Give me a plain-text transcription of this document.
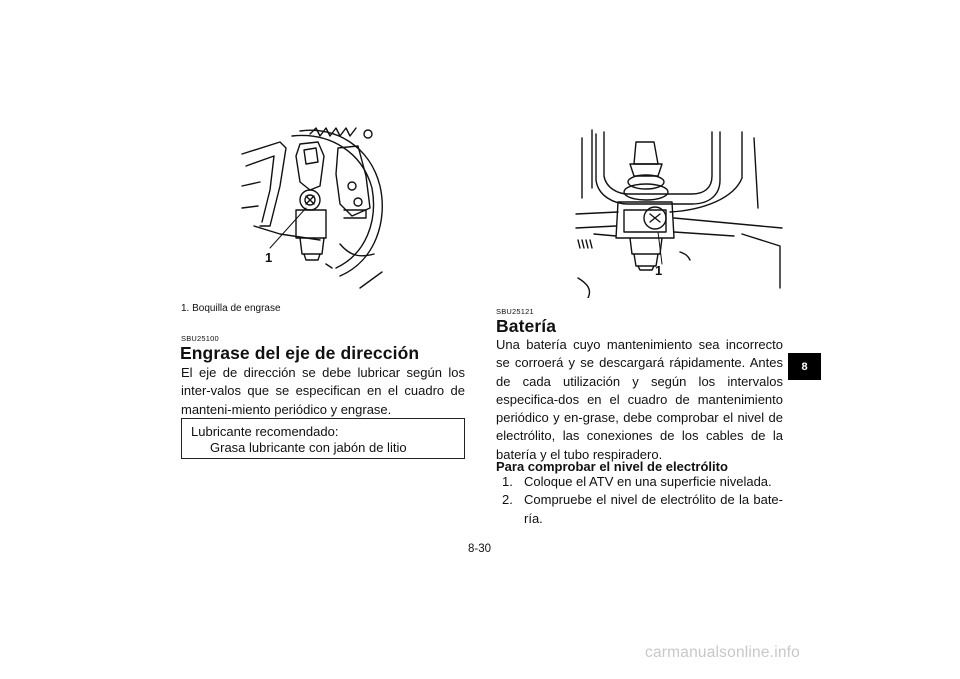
1
1
1. Boquilla de engrase
SBU25100
Engrase del eje de dirección

El eje de dirección se debe lubricar según los inter-valos que se especifican en el cuadro de manteni-miento periódico y engrase.

Lubricante recomendado:
Grasa lubricante con jabón de litio
SBU25121
Batería

Una batería cuyo mantenimiento sea incorrecto se corroerá y se descargará rápidamente. Antes de cada utilización y según los intervalos especifica-dos en el cuadro de mantenimiento periódico y en-grase, debe comprobar el nivel de electrólito, las conexiones de los cables de la batería y el tubo respiradero.

Para comprobar el nivel de electrólito
1. Coloque el ATV en una superficie nivelada.
2. Compruebe el nivel de electrólito de la bate-ría.
8
8-30
carmanualsonline.info
